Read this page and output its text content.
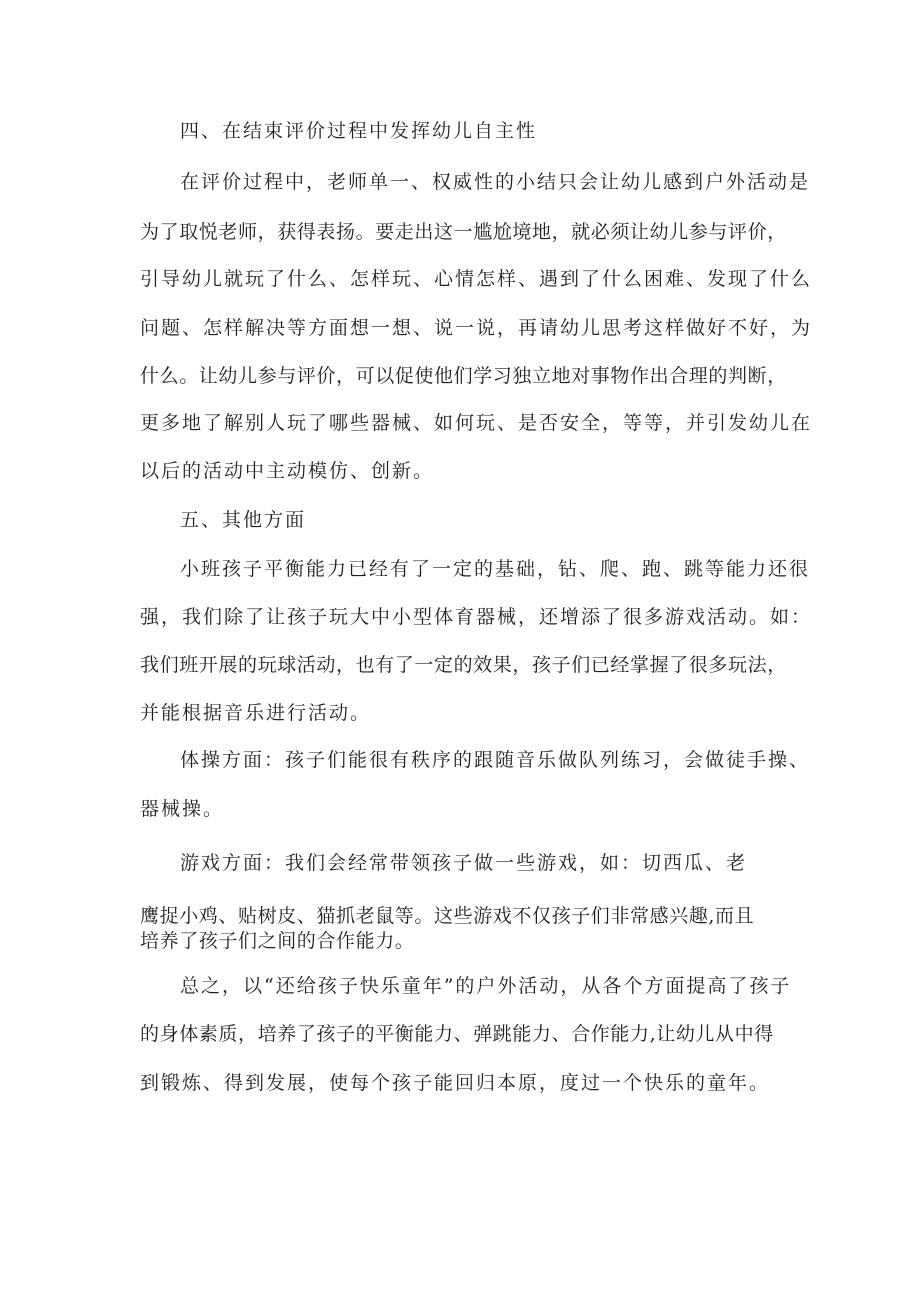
四、在结束评价过程中发挥幼儿自主性

在评价过程中，老师单一、权威性的小结只会让幼儿感到户外活动是

为了取悦老师，获得表扬。要走出这一尴尬境地，就必须让幼儿参与评价，

引导幼儿就玩了什么、怎样玩、心情怎样、遇到了什么困难、发现了什么

问题、怎样解决等方面想一想、说一说，再请幼儿思考这样做好不好，为

什么。让幼儿参与评价，可以促使他们学习独立地对事物作出合理的判断，

更多地了解别人玩了哪些器械、如何玩、是否安全，等等，并引发幼儿在

以后的活动中主动模仿、创新。

五、其他方面

小班孩子平衡能力已经有了一定的基础，钻、爬、跑、跳等能力还很

强，我们除了让孩子玩大中小型体育器械，还增添了很多游戏活动。如：

我们班开展的玩球活动，也有了一定的效果，孩子们已经掌握了很多玩法，

并能根据音乐进行活动。

体操方面：孩子们能很有秩序的跟随音乐做队列练习，会做徒手操、

器械操。

游戏方面：我们会经常带领孩子做一些游戏，如：切西瓜、老

鹰捉小鸡、贴树皮、猫抓老鼠等。这些游戏不仅孩子们非常感兴趣,而且

培养了孩子们之间的合作能力。

总之，以“还给孩子快乐童年”的户外活动，从各个方面提高了孩子

的身体素质，培养了孩子的平衡能力、弹跳能力、合作能力,让幼儿从中得

到锻炼、得到发展，使每个孩子能回归本原，度过一个快乐的童年。
